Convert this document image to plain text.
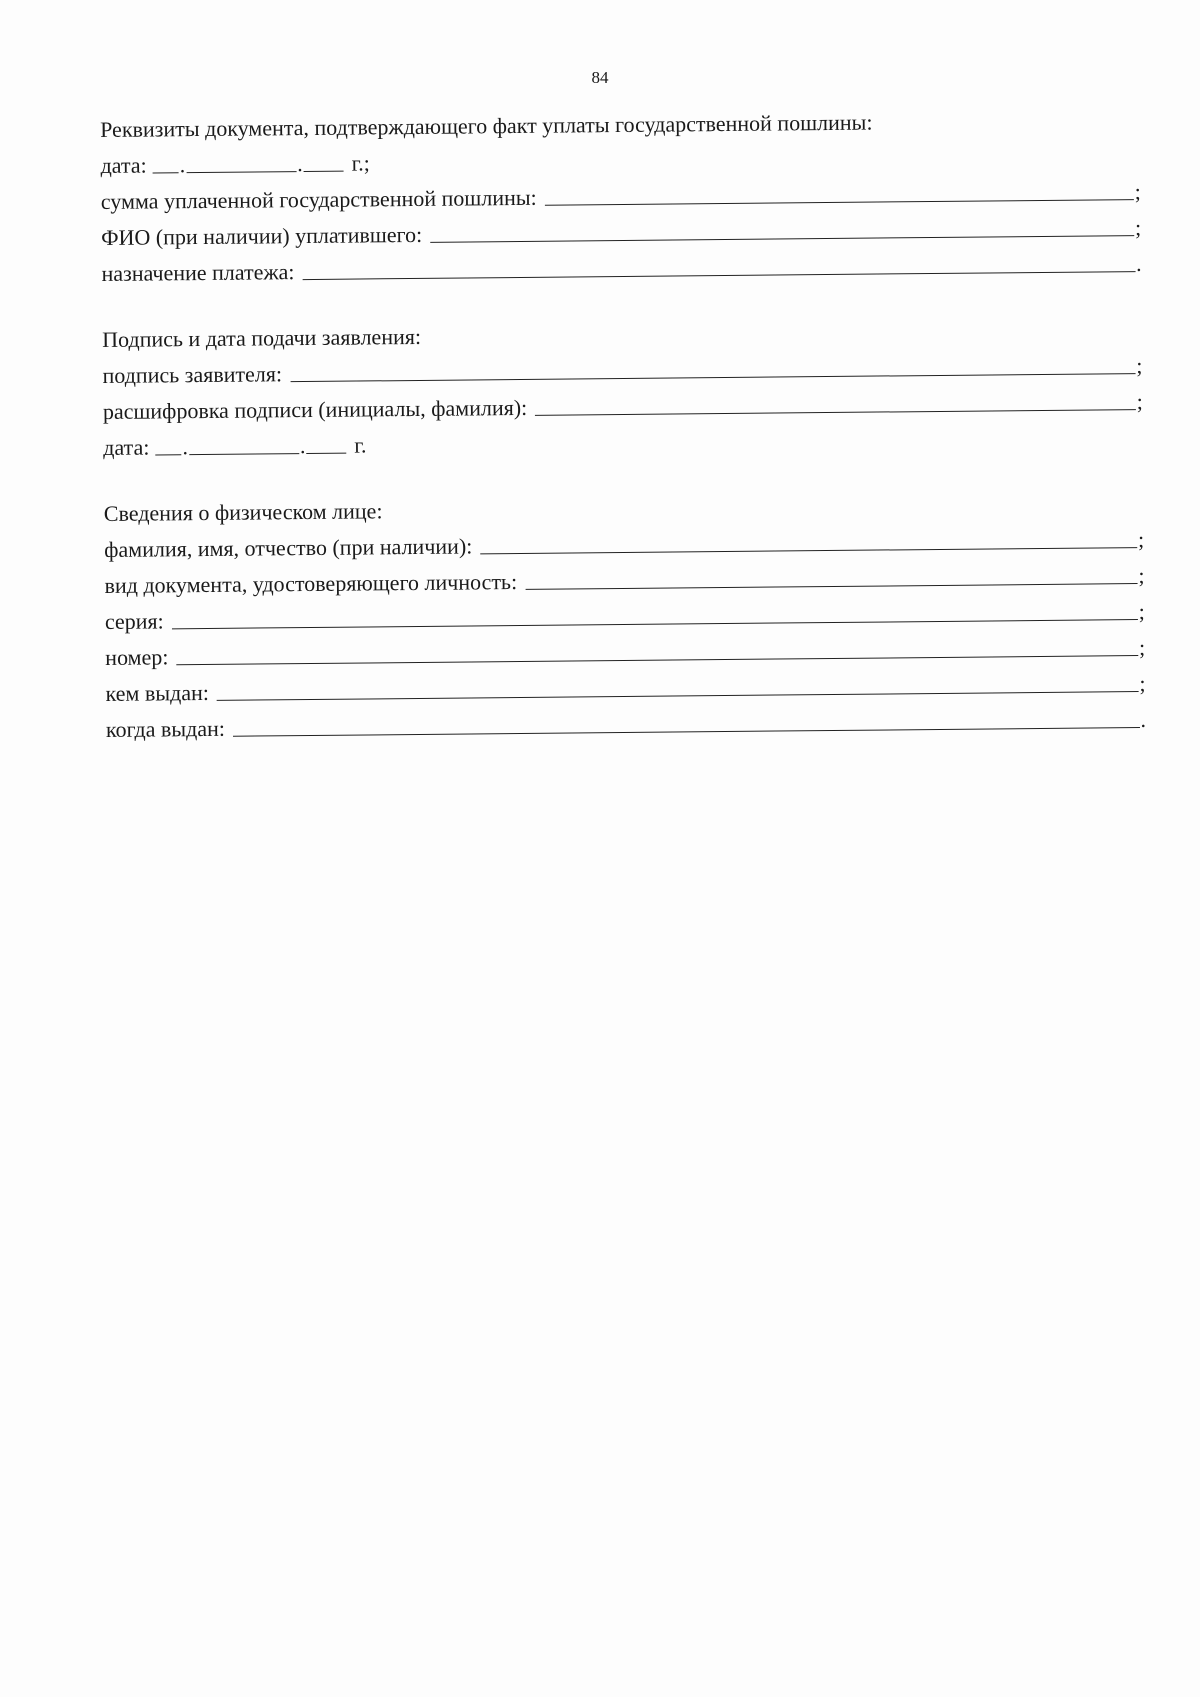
84
Реквизиты документа, подтверждающего факт уплаты государственной пошлины:
дата: .	.	г.;
сумма уплаченной государственной пошлины:	;
ФИО (при наличии) уплатившего:	;
назначение платежа:	.
Подпись и дата подачи заявления:
подпись заявителя:	;
расшифровка подписи (инициалы, фамилия):	;
дата: .	.	г.
Сведения о физическом лице:
фамилия, имя, отчество (при наличии):	;
вид документа, удостоверяющего личность:	;
серия:	;
номер:	;
кем выдан:	;
когда выдан:	.
